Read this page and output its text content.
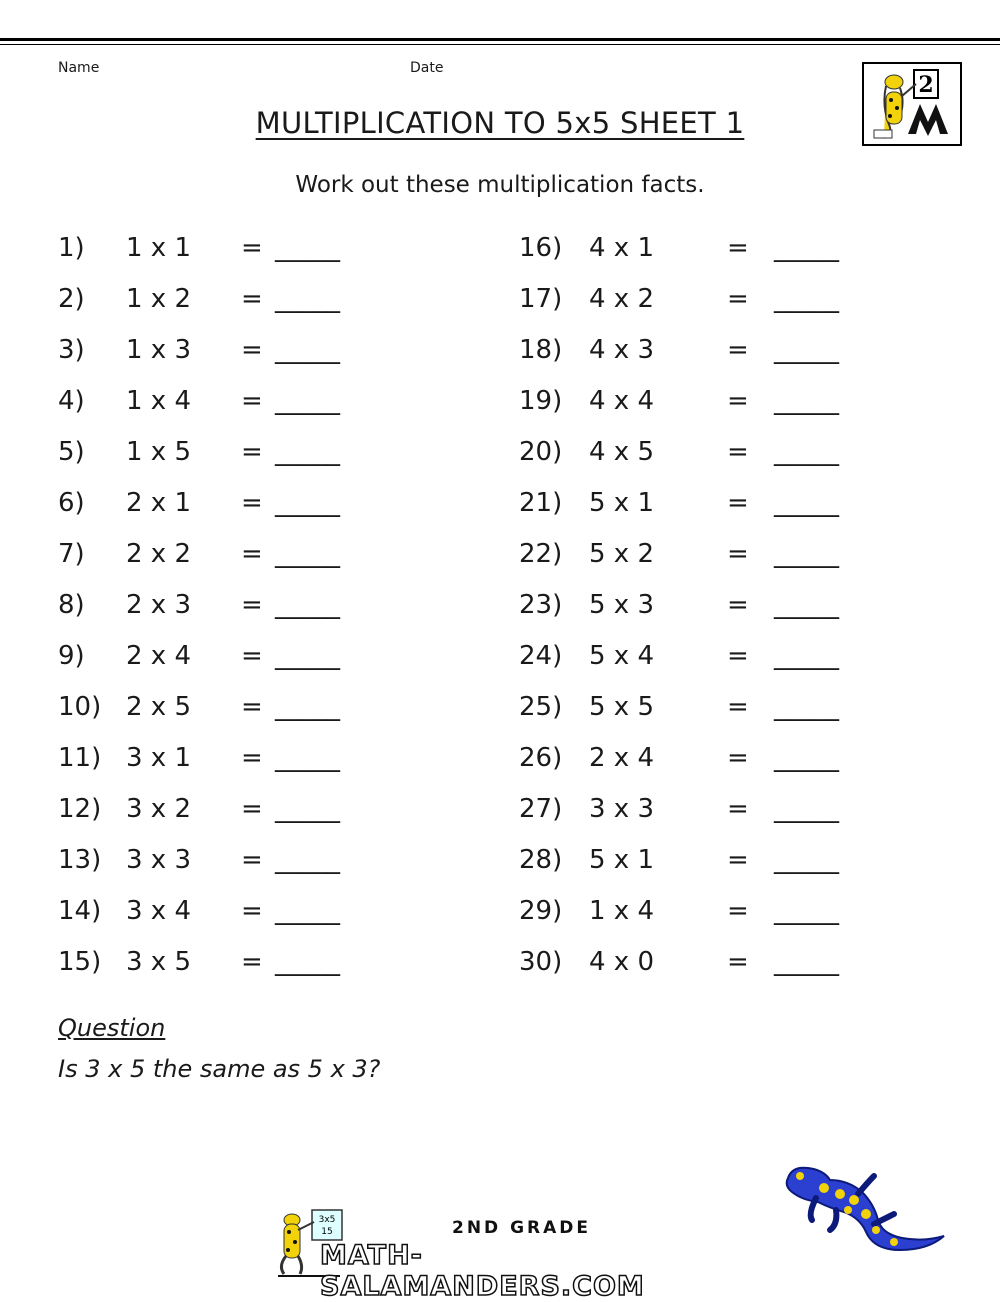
Name	Date
2
MULTIPLICATION TO 5x5 SHEET 1
Work out these multiplication facts.
1) 1 x 1 = _____
2) 1 x 2 = _____
3) 1 x 3 = _____
4) 1 x 4 = _____
5) 1 x 5 = _____
6) 2 x 1 = _____
7) 2 x 2 = _____
8) 2 x 3 = _____
9) 2 x 4 = _____
10) 2 x 5 = _____
11) 3 x 1 = _____
12) 3 x 2 = _____
13) 3 x 3 = _____
14) 3 x 4 = _____
15) 3 x 5 = _____
16) 4 x 1	= _____
17) 4 x 2	= _____
18) 4 x 3	= _____
19) 4 x 4	= _____
20) 4 x 5	= _____
21) 5 x 1	= _____
22) 5 x 2	= _____
23) 5 x 3	= _____
24) 5 x 4	= _____
25) 5 x 5	= _____
26) 2 x 4	= _____
27) 3 x 3	= _____
28) 5 x 1	= _____
29) 1 x 4	= _____
30) 4 x 0	= _____
Question
Is 3 x 5 the same as 5 x 3?
3x5
15	2ND GRADE
MATH-SALAMANDERS.COM
